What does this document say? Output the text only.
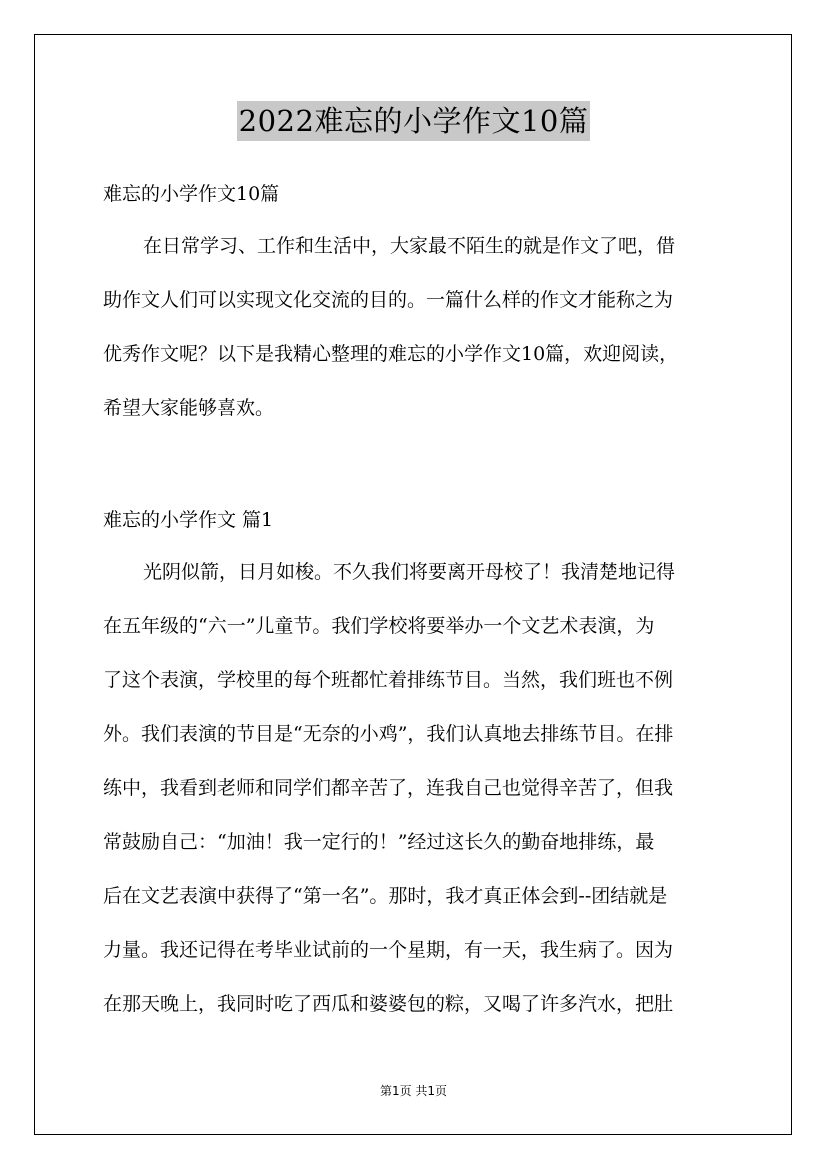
2022难忘的小学作文10篇
难忘的小学作文10篇
在日常学习、工作和生活中，大家最不陌生的就是作文了吧，借
助作文人们可以实现文化交流的目的。一篇什么样的作文才能称之为
优秀作文呢？以下是我精心整理的难忘的小学作文10篇，欢迎阅读，
希望大家能够喜欢。
难忘的小学作文 篇1
光阴似箭，日月如梭。不久我们将要离开母校了！我清楚地记得
在五年级的“六一”儿童节。我们学校将要举办一个文艺术表演，为
了这个表演，学校里的每个班都忙着排练节目。当然，我们班也不例
外。我们表演的节目是“无奈的小鸡”，我们认真地去排练节目。在排
练中，我看到老师和同学们都辛苦了，连我自己也觉得辛苦了，但我
常鼓励自己：“加油！我一定行的！”经过这长久的勤奋地排练，最
后在文艺表演中获得了“第一名”。那时，我才真正体会到--团结就是
力量。我还记得在考毕业试前的一个星期，有一天，我生病了。因为
在那天晚上，我同时吃了西瓜和婆婆包的粽，又喝了许多汽水，把肚
第1页 共1页
